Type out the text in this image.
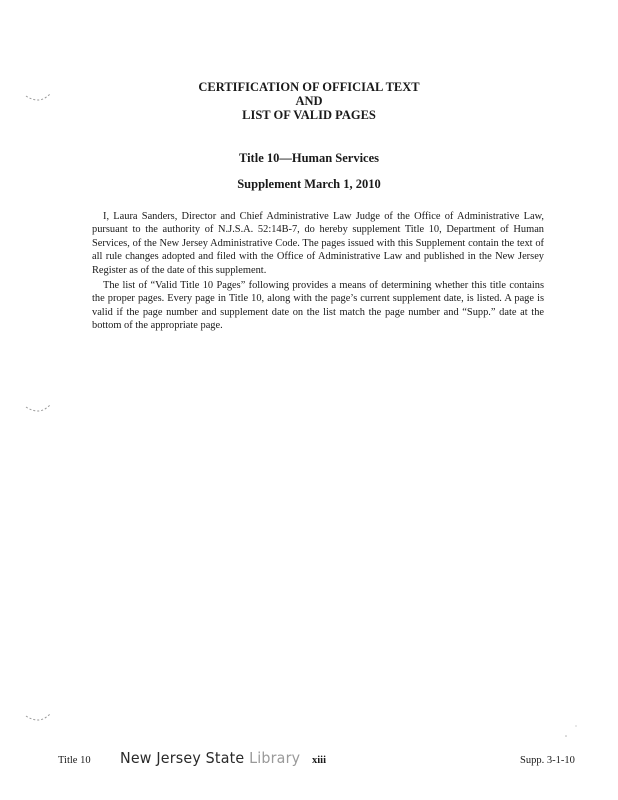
CERTIFICATION OF OFFICIAL TEXT
AND
LIST OF VALID PAGES
Title 10—Human Services
Supplement March 1, 2010

I, Laura Sanders, Director and Chief Administrative Law Judge of the Office of Administrative Law, pursuant to the authority of N.J.S.A. 52:14B-7, do hereby supplement Title 10, Department of Human Services, of the New Jersey Administrative Code. The pages issued with this Supplement contain the text of all rule changes adopted and filed with the Office of Administrative Law and published in the New Jersey Register as of the date of this supplement.

The list of “Valid Title 10 Pages” following provides a means of determining whether this title contains the proper pages. Every page in Title 10, along with the page’s current supplement date, is listed. A page is valid if the page number and supplement date on the list match the page number and “Supp.” date at the bottom of the appropriate page.

Title 10 New Jersey State Library xiii	Supp. 3-1-10
